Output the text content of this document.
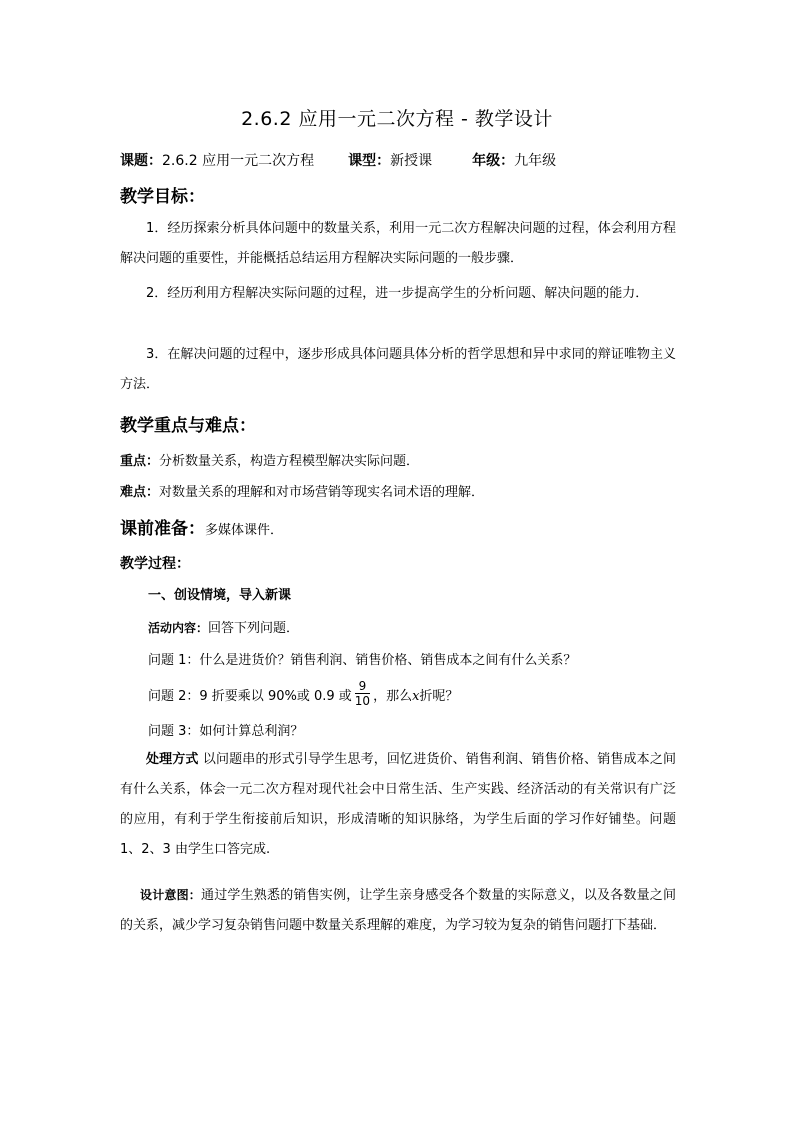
2.6.2 应用一元二次方程 - 教学设计
课题：2.6.2 应用一元二次方程 课型：新授课	年级：九年级
教学目标：
1．经历探索分析具体问题中的数量关系，利用一元二次方程解决问题的过程，体会利用方程解决问题的重要性，并能概括总结运用方程解决实际问题的一般步骤．
2．经历利用方程解决实际问题的过程，进一步提高学生的分析问题、解决问题的能力．
3．在解决问题的过程中，逐步形成具体问题具体分析的哲学思想和异中求同的辩证唯物主义方法．
教学重点与难点：
重点：分析数量关系，构造方程模型解决实际问题．
难点：对数量关系的理解和对市场营销等现实名词术语的理解．
课前准备：多媒体课件．
教学过程：
一、创设情境，导入新课
活动内容：回答下列问题．
问题 1：什么是进货价？销售利润、销售价格、销售成本之间有什么关系？
问题 2：9 折要乘以 90%或 0.9 或 $\frac{9}{10}$ ，那么x折呢？
问题 3：如何计算总利润？
处理方式 以问题串的形式引导学生思考，回忆进货价、销售利润、销售价格、销售成本之间有什么关系，体会一元二次方程对现代社会中日常生活、生产实践、经济活动的有关常识有广泛的应用，有利于学生衔接前后知识，形成清晰的知识脉络，为学生后面的学习作好铺垫。问题 1、2、3 由学生口答完成.
设计意图：通过学生熟悉的销售实例，让学生亲身感受各个数量的实际意义，以及各数量之间的关系，减少学习复杂销售问题中数量关系理解的难度，为学习较为复杂的销售问题打下基础．
